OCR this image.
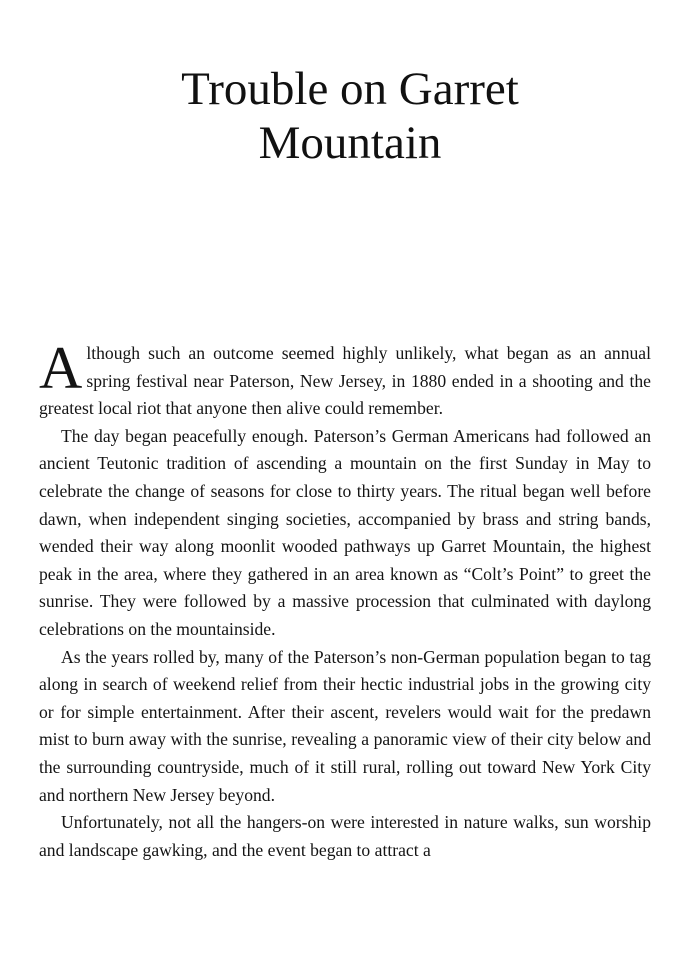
Trouble on Garret
Mountain

Although such an outcome seemed highly unlikely, what began as an annual spring festival near Paterson, New Jersey, in 1880 ended in a shooting and the greatest local riot that anyone then alive could remember.

The day began peacefully enough. Paterson’s German Americans had followed an ancient Teutonic tradition of ascending a mountain on the first Sunday in May to celebrate the change of seasons for close to thirty years. The ritual began well before dawn, when independent singing societies, accompanied by brass and string bands, wended their way along moonlit wooded pathways up Garret Mountain, the highest peak in the area, where they gathered in an area known as “Colt’s Point” to greet the sunrise. They were followed by a massive procession that culminated with daylong celebrations on the mountainside.

As the years rolled by, many of the Paterson’s non-German population began to tag along in search of weekend relief from their hectic industrial jobs in the growing city or for simple entertainment. After their ascent, revelers would wait for the predawn mist to burn away with the sunrise, revealing a panoramic view of their city below and the surrounding countryside, much of it still rural, rolling out toward New York City and northern New Jersey beyond.

Unfortunately, not all the hangers-on were interested in nature walks, sun worship and landscape gawking, and the event began to attract a
